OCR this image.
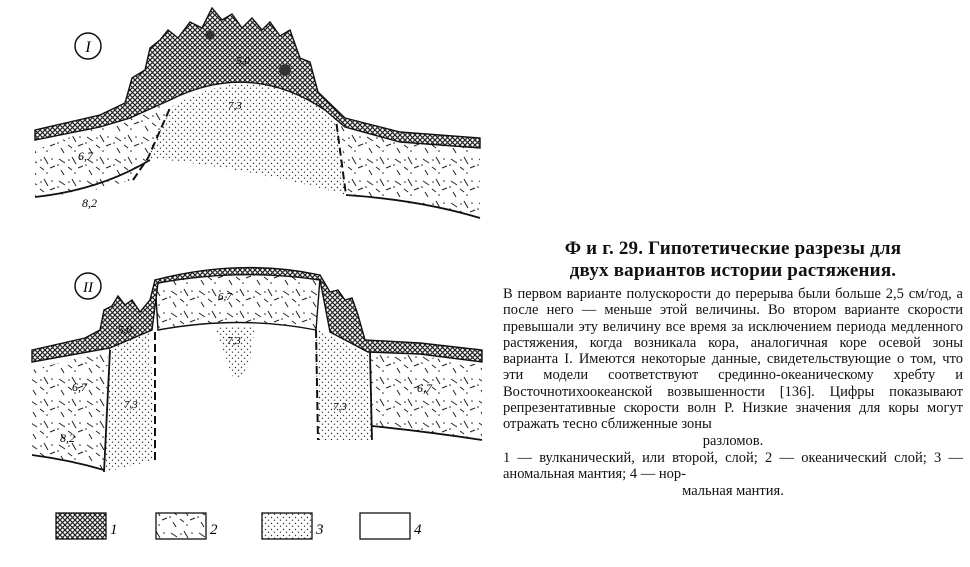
I
5,0
7,3
6,7
8,2
II
5,0
6,7
7,3
6,7
7,3	7,3
6,7
8,2
1	2	3	4
Ф и г. 29. Гипотетические разрезы для
двух вариантов истории растяжения.
В первом варианте полускорости до перерыва были больше 2,5 см/год, а после него — меньше этой величины. Во втором варианте скорости превышали эту величину все время за исключением периода медленного растяжения, когда возникала кора, аналогичная коре осевой зоны варианта I. Имеются некоторые данные, свидетельствующие о том, что эти модели соответствуют срединно-океаническому хребту и Восточнотихоокеанской возвышенности [136]. Цифры показывают репрезентативные скорости волн P. Низкие значения для коры могут отражать тесно сближенные зоны
разломов.
1 — вулканический, или второй, слой; 2 — океанический слой; 3 — аномальная мантия; 4 — нор-
мальная мантия.
